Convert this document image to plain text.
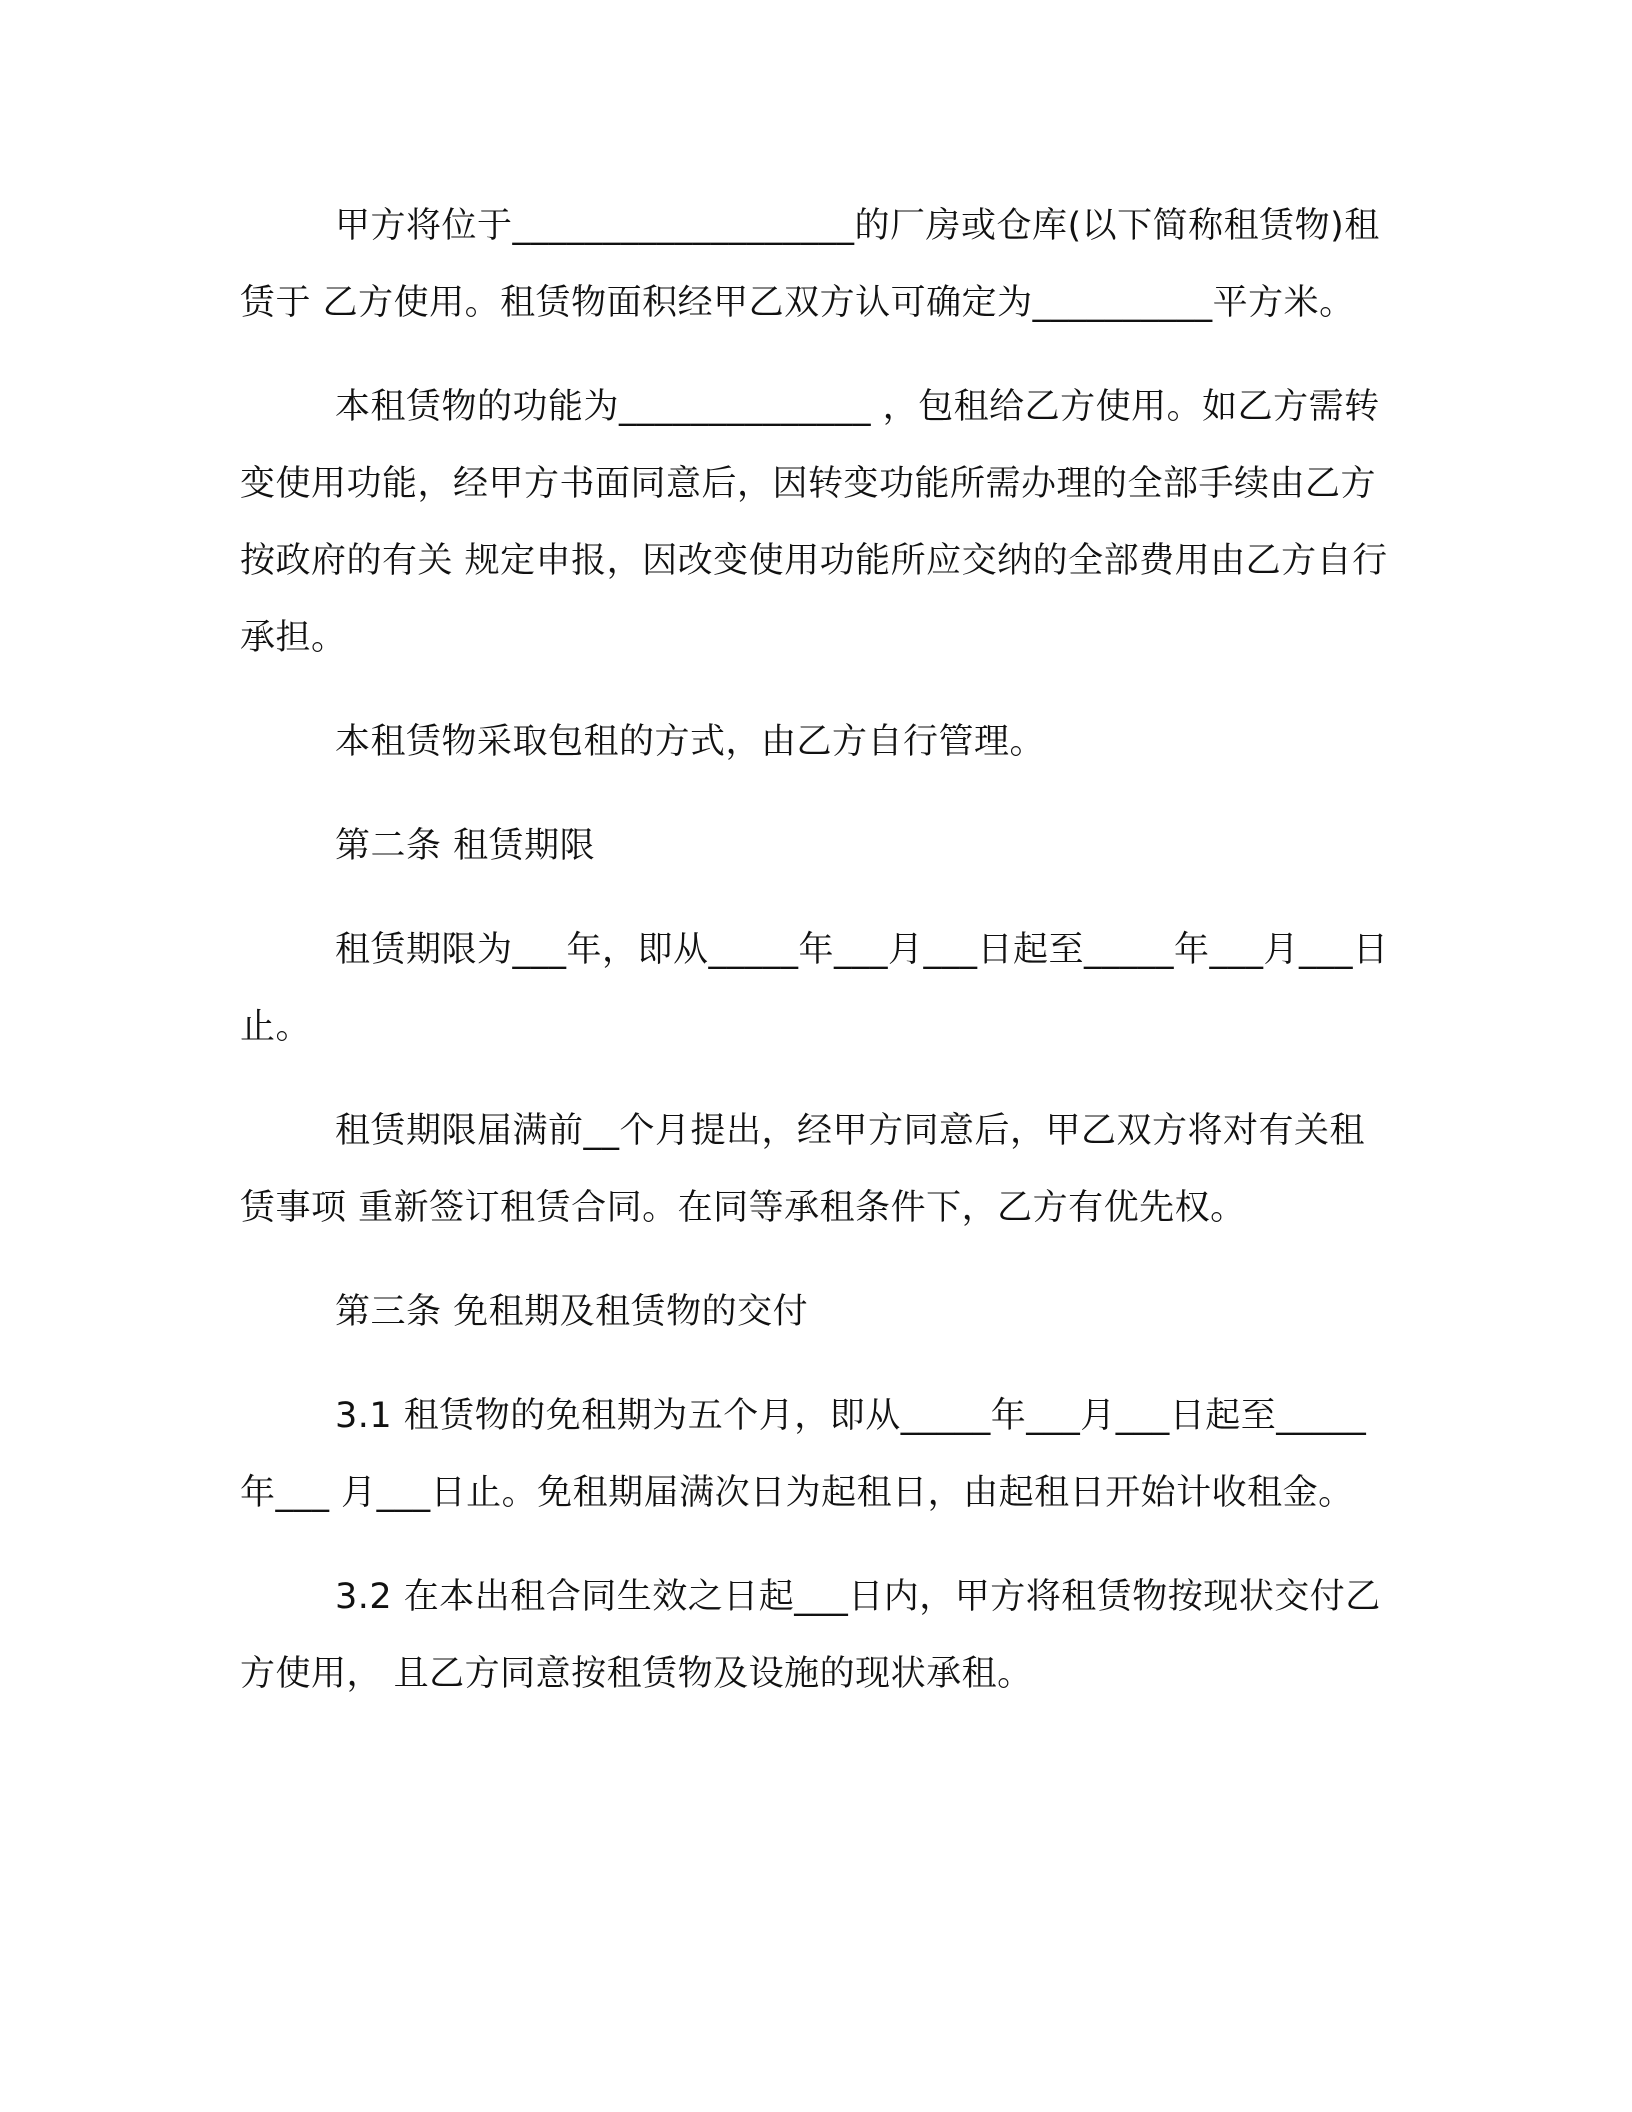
甲方将位于___________________的厂房或仓库(以下简称租赁物)租赁于 乙方使用。租赁物面积经甲乙双方认可确定为__________平方米。

本租赁物的功能为______________ ，包租给乙方使用。如乙方需转变使用功能，经甲方书面同意后，因转变功能所需办理的全部手续由乙方按政府的有关 规定申报，因改变使用功能所应交纳的全部费用由乙方自行承担。

本租赁物采取包租的方式，由乙方自行管理。

第二条 租赁期限

租赁期限为___年，即从_____年___月___日起至_____年___月___日 止。

租赁期限届满前__个月提出，经甲方同意后，甲乙双方将对有关租赁事项 重新签订租赁合同。在同等承租条件下，乙方有优先权。

第三条 免租期及租赁物的交付

3.1 租赁物的免租期为五个月，即从_____年___月___日起至_____年___ 月___日止。免租期届满次日为起租日，由起租日开始计收租金。

3.2 在本出租合同生效之日起___日内，甲方将租赁物按现状交付乙方使用， 且乙方同意按租赁物及设施的现状承租。
